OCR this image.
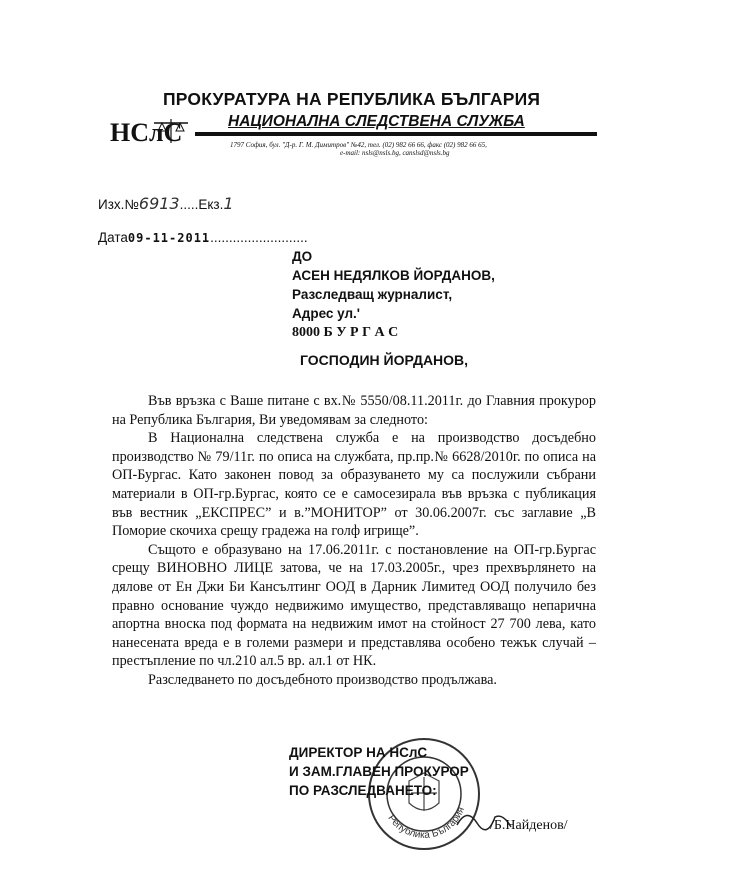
НСлС
ПРОКУРАТУРА НА РЕПУБЛИКА БЪЛГАРИЯ
НАЦИОНАЛНА СЛЕДСТВЕНА СЛУЖБА
1797 София, бул. "Д-р. Г. М. Димитров" №42, тел. (02) 982 66 66, факс (02) 982 66 65,
e-mail: nsls@nsls.bg, canslsd@nsls.bg
Изх.№6913.....Екз.1
Дата09-11-2011..........................
ДО
АСЕН НЕДЯЛКОВ ЙОРДАНОВ,
Разследващ журналист,
Адрес ул.'
8000 Б У Р Г А С
ГОСПОДИН ЙОРДАНОВ,

Във връзка с Ваше питане с вх.№ 5550/08.11.2011г. до Главния прокурор на Република България, Ви уведомявам за следното:

В Национална следствена служба е на производство досъдебно производство № 79/11г. по описа на службата, пр.пр.№ 6628/2010г. по описа на ОП-Бургас. Като законен повод за образуването му са послужили събрани материали в ОП-гр.Бургас, която се е самосезирала във връзка с публикация във вестник „ЕКСПРЕС” и в.”МОНИТОР” от 30.06.2007г. със заглавие „В Поморие скочиха срещу градежа на голф игрище”.

Същото е образувано на 17.06.2011г. с постановление на ОП-гр.Бургас срещу ВИНОВНО ЛИЦЕ затова, че на 17.03.2005г., чрез прехвърлянето на дялове от Ен Джи Би Кансълтинг ООД в Дарник Лимитед ООД получило без правно основание чуждо недвижимо имущество, представляващо непарична апортна вноска под формата на недвижим имот на стойност 27 700 лева, като нанесената вреда е в големи размери и представлява особено тежък случай – престъпление по чл.210 ал.5 вр. ал.1 от НК.

Разследването по досъдебното производство продължава.

Република България
ДИРЕКТОР НА НСлС
И ЗАМ.ГЛАВЕН ПРОКУРОР
ПО РАЗСЛЕДВАНЕТО:
/Б.Найденов/
